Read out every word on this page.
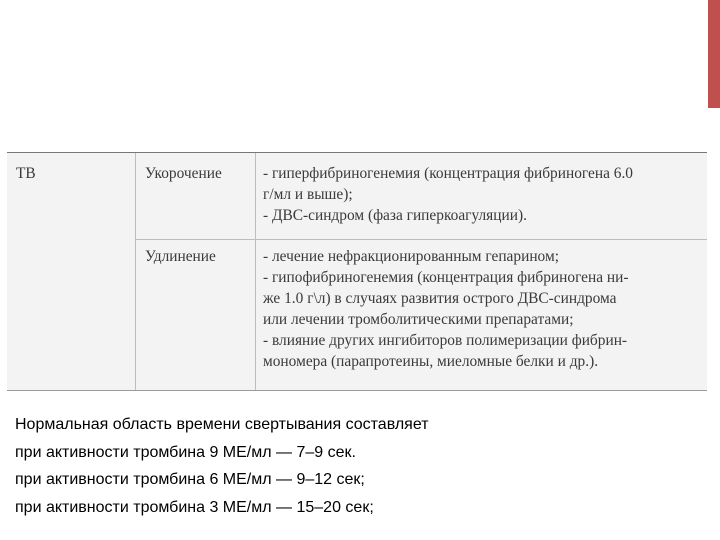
ТВ	Укорочение	- гиперфибриногенемия (концентрация фибриногена 6.0
г/мл и выше);
- ДВС-синдром (фаза гиперкоагуляции).
Удлинение	- лечение нефракционированным гепарином;
- гипофибриногенемия (концентрация фибриногена ни-
же 1.0 г\л) в случаях развития острого ДВС-синдрома
или лечении тромболитическими препаратами;
- влияние других ингибиторов полимеризации фибрин-
мономера (парапротеины, миеломные белки и др.).
Нормальная область времени свертывания составляет
при активности тромбина 9 МЕ/мл — 7–9 сек.
при активности тромбина 6 МЕ/мл — 9–12 сек;
при активности тромбина 3 МЕ/мл — 15–20 сек;
